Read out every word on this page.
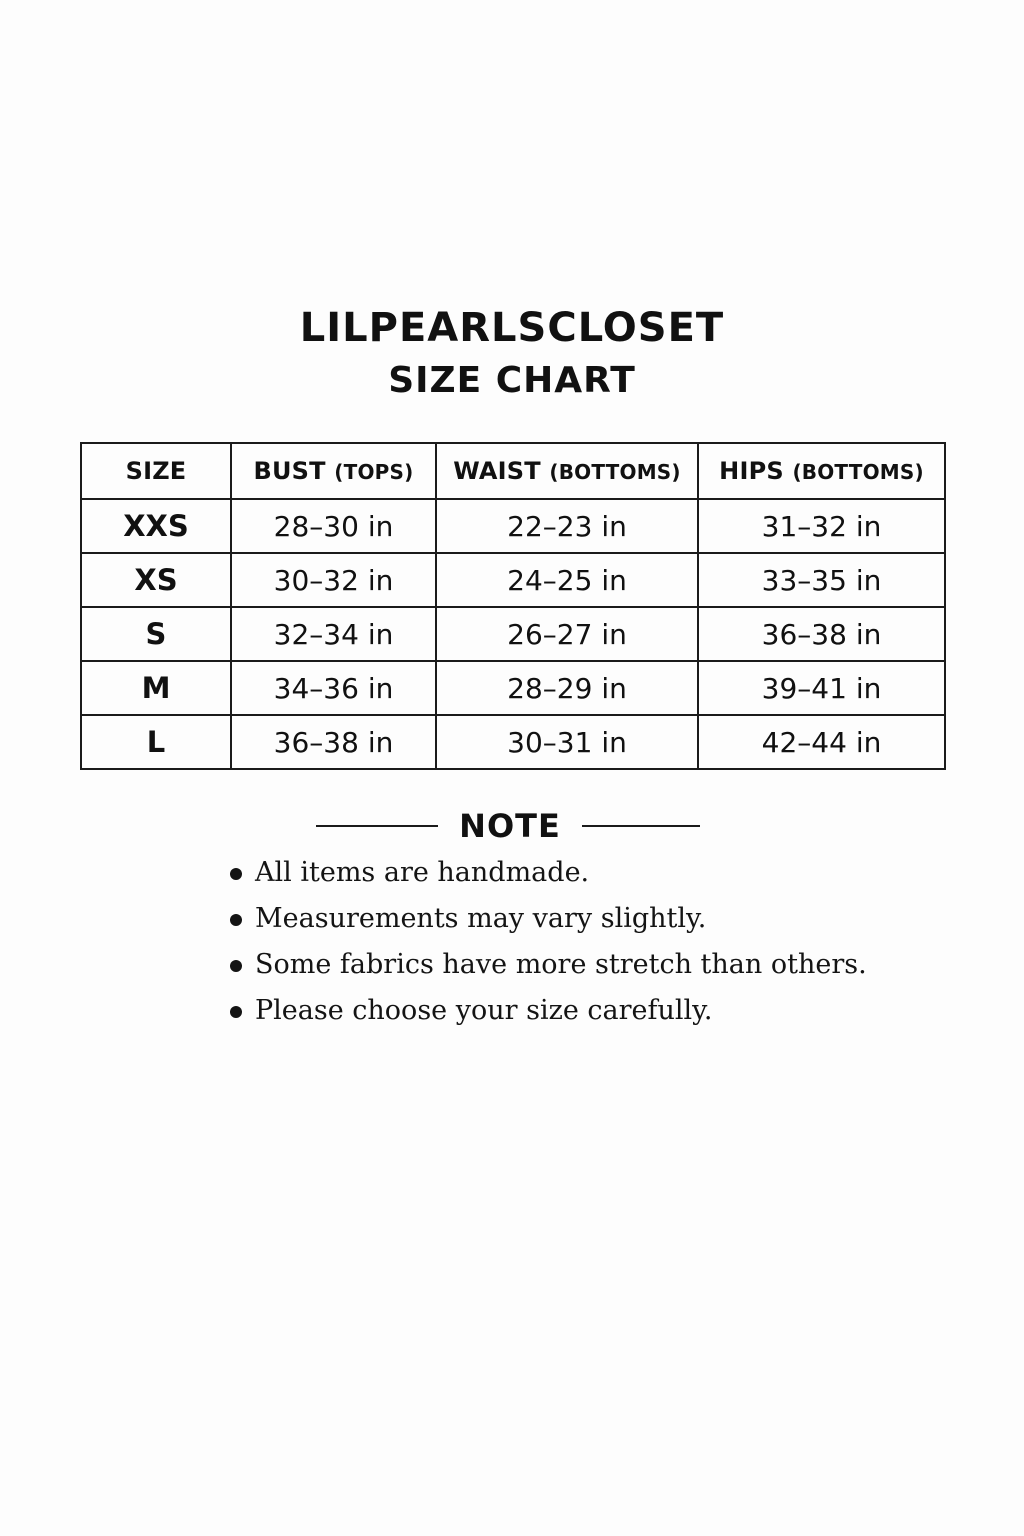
LILPEARLSCLOSET
SIZE CHART
SIZE	BUST (TOPS)	WAIST (BOTTOMS)	HIPS (BOTTOMS)
XXS	28–30 in	22–23 in	31–32 in
XS	30–32 in	24–25 in	33–35 in
S	32–34 in	26–27 in	36–38 in
M	34–36 in	28–29 in	39–41 in
L	36–38 in	30–31 in	42–44 in
NOTE
All items are handmade.
Measurements may vary slightly.
Some fabrics have more stretch than others.
Please choose your size carefully.
